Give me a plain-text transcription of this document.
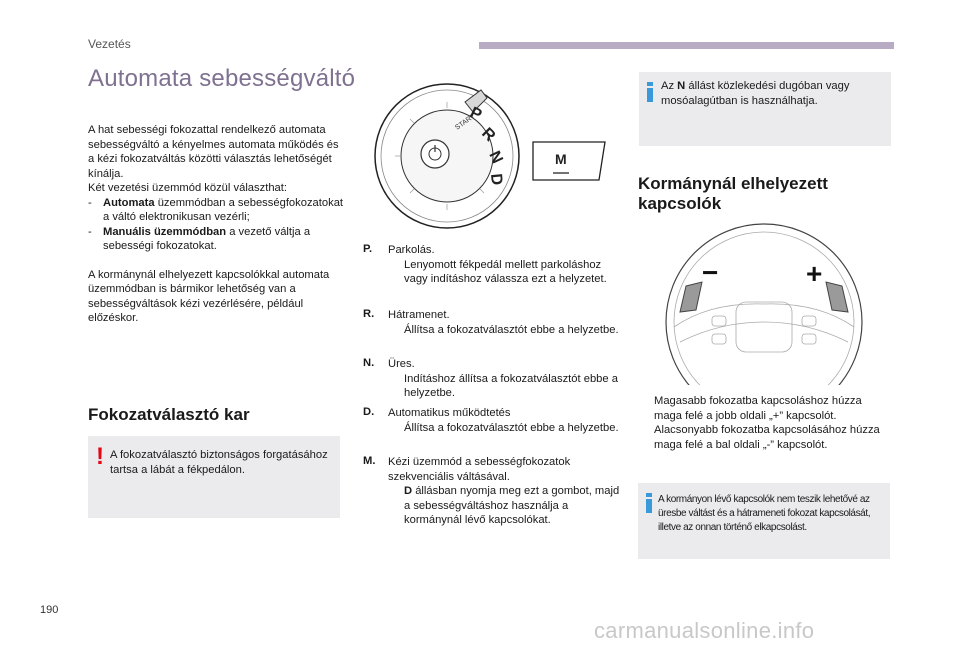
Vezetés
Automata sebességváltó
A hat sebességi fokozattal rendelkező automata sebességváltó a kényelmes automata működés és a kézi fokozatváltás közötti választás lehetőségét kínálja.
Két vezetési üzemmód közül választhat:
- Automata üzemmódban a sebességfokozatokat a váltó elektronikusan vezérli;
- Manuális üzemmódban a vezető váltja a sebességi fokozatokat.
A kormánynál elhelyezett kapcsolókkal automata üzemmódban is bármikor lehetőség van a sebességváltások kézi vezérlésére, például előzéskor.
Fokozatválasztó kar
! A fokozatválasztó biztonságos forgatásához tartsa a lábát a fékpedálon.
START
P
R
N
D
M
P. Parkolás.
Lenyomott fékpedál mellett parkoláshoz vagy indításhoz válassza ezt a helyzetet.
R. Hátramenet.
Állítsa a fokozatválasztót ebbe a helyzetbe.
N. Üres.
Indításhoz állítsa a fokozatválasztót ebbe a helyzetbe.
D. Automatikus működtetés
Állítsa a fokozatválasztót ebbe a helyzetbe.
M. Kézi üzemmód a sebességfokozatok szekvenciális váltásával.
D állásban nyomja meg ezt a gombot, majd a sebességváltáshoz használja a kormánynál lévő kapcsolókat.
Az N állást közlekedési dugóban vagy mosóalagútban is használhatja.
Kormánynál elhelyezett
kapcsolók
−	+
Magasabb fokozatba kapcsoláshoz húzza maga felé a jobb oldali „+” kapcsolót.
Alacsonyabb fokozatba kapcsolásához húzza maga felé a bal oldali „-” kapcsolót.
A kormányon lévő kapcsolók nem teszik lehetővé az üresbe váltást és a hátrameneti fokozat kapcsolását, illetve az onnan történő elkapcsolást.
190
carmanualsonline.info
